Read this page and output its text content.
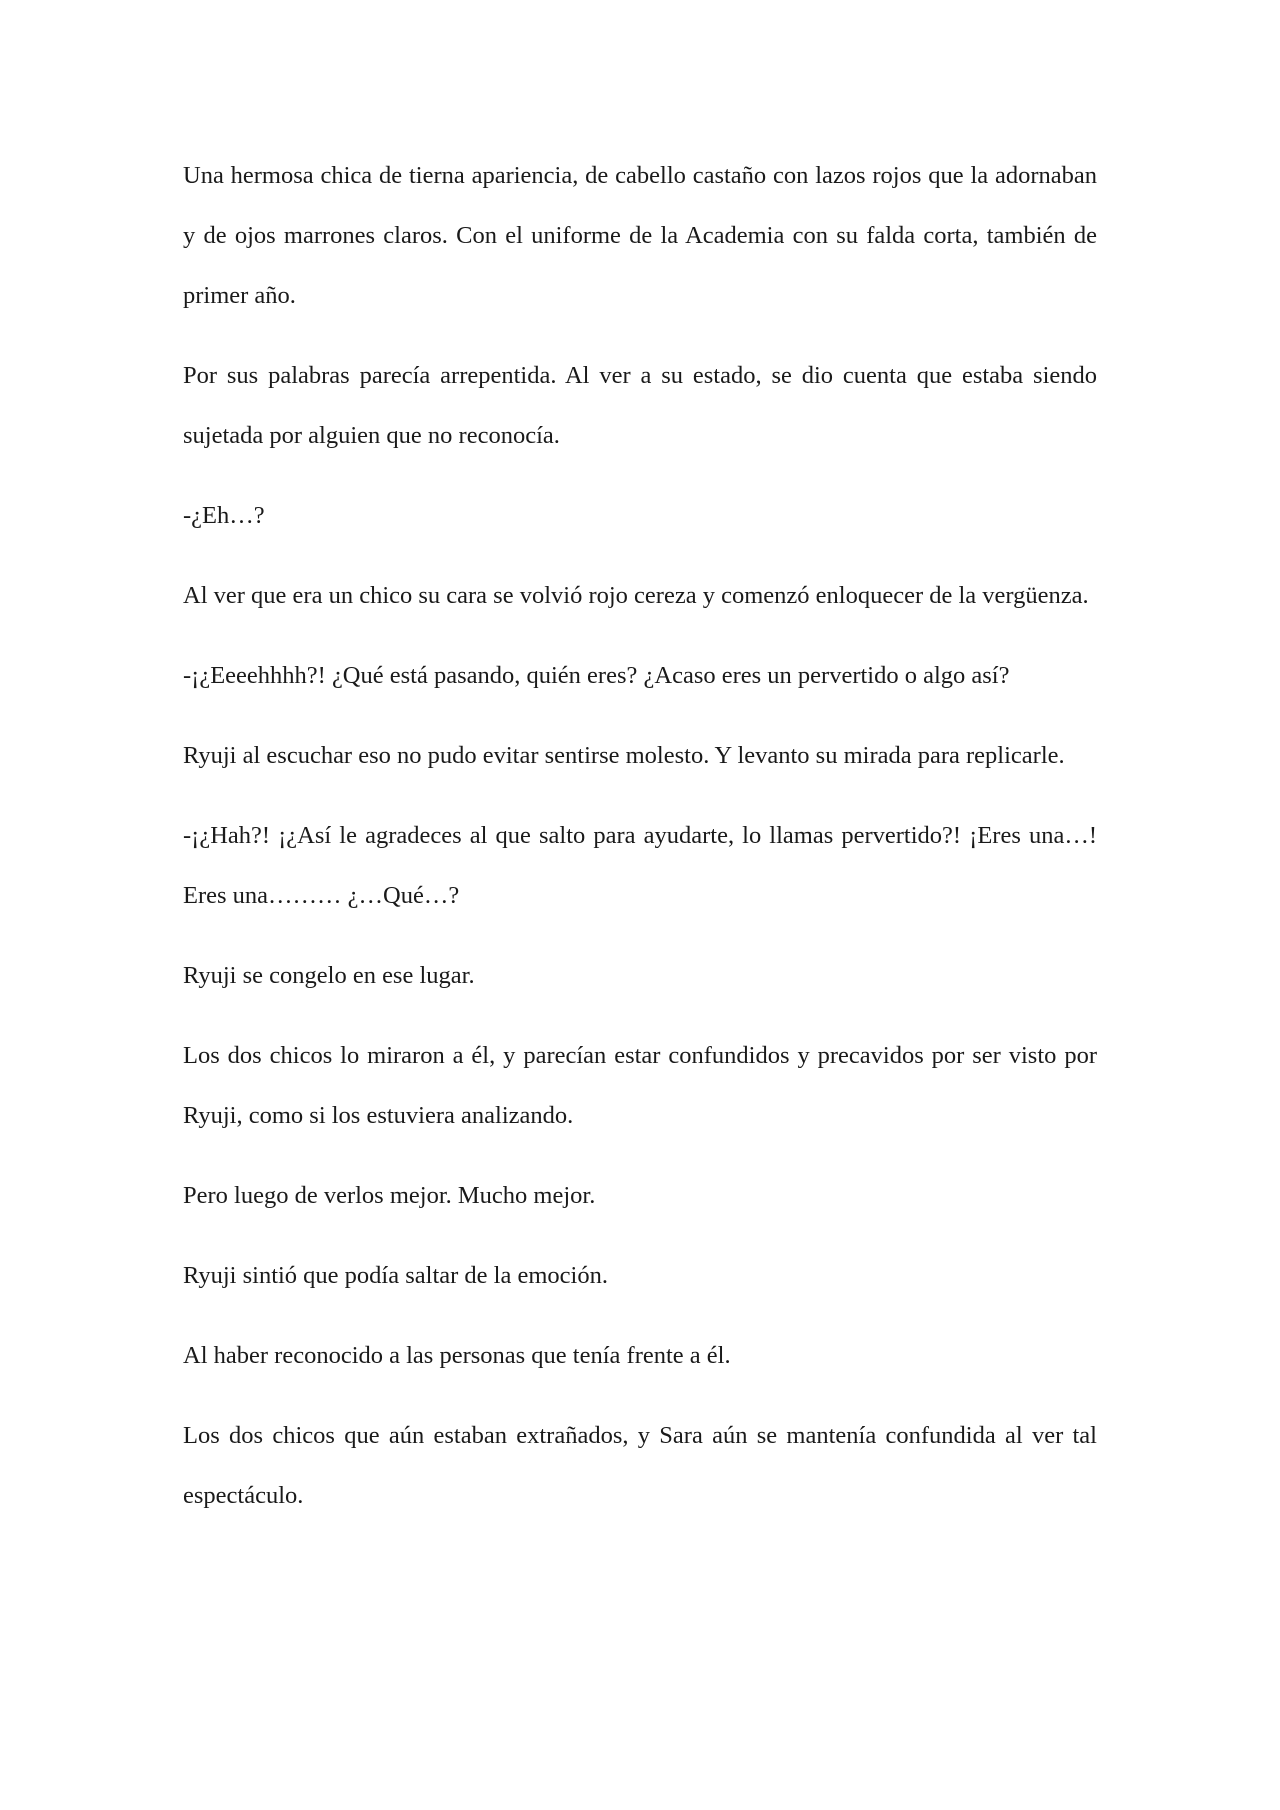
Una hermosa chica de tierna apariencia, de cabello castaño con lazos rojos que la adornaban y de ojos marrones claros. Con el uniforme de la Academia con su falda corta, también de primer año.

Por sus palabras parecía arrepentida. Al ver a su estado, se dio cuenta que estaba siendo sujetada por alguien que no reconocía.

-¿Eh…?

Al ver que era un chico su cara se volvió rojo cereza y comenzó enloquecer de la vergüenza.

-¡¿Eeeehhhh?! ¿Qué está pasando, quién eres? ¿Acaso eres un pervertido o algo así?

Ryuji al escuchar eso no pudo evitar sentirse molesto. Y levanto su mirada para replicarle.

-¡¿Hah?! ¡¿Así le agradeces al que salto para ayudarte, lo llamas pervertido?! ¡Eres una…! Eres una……… ¿…Qué…?

Ryuji se congelo en ese lugar.

Los dos chicos lo miraron a él, y parecían estar confundidos y precavidos por ser visto por Ryuji, como si los estuviera analizando.

Pero luego de verlos mejor. Mucho mejor.

Ryuji sintió que podía saltar de la emoción.

Al haber reconocido a las personas que tenía frente a él.

Los dos chicos que aún estaban extrañados, y Sara aún se mantenía confundida al ver tal espectáculo.
